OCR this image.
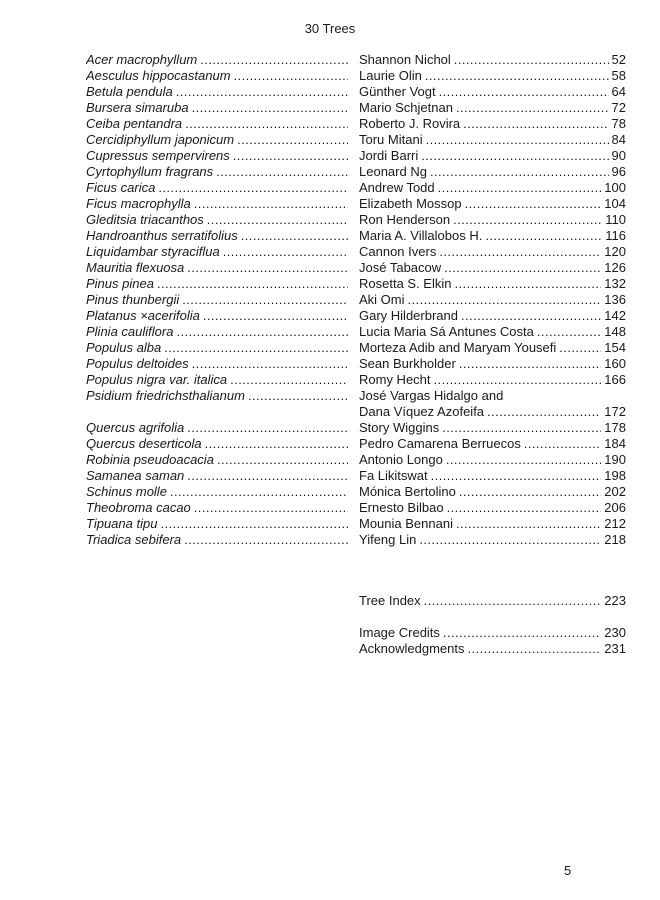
30 Trees
Acer macrophyllum . . .	Shannon Nichol . . .	52
Aesculus hippocastanum . . .	Laurie Olin . . .	58
Betula pendula . . .	Günther Vogt . . .	64
Bursera simaruba . . .	Mario Schjetnan . . .	72
Ceiba pentandra . . .	Roberto J. Rovira . . .	78
Cercidiphyllum japonicum . . .	Toru Mitani . . .	84
Cupressus sempervirens . . .	Jordi Barri . . .	90
Cyrtophyllum fragrans . . .	Leonard Ng . . .	96
Ficus carica . . .	Andrew Todd . . .	100
Ficus macrophylla . . .	Elizabeth Mossop . . .	104
Gleditsia triacanthos . . .	Ron Henderson . . .	110
Handroanthus serratifolius . . .	Maria A. Villalobos H. . . .	116
Liquidambar styraciflua . . .	Cannon Ivers . . .	120
Mauritia flexuosa . . .	José Tabacow . . .	126
Pinus pinea . . .	Rosetta S. Elkin . . .	132
Pinus thunbergii . . .	Aki Omi . . .	136
Platanus ×acerifolia . . .	Gary Hilderbrand . . .	142
Plinia cauliflora . . .	Lucia Maria Sá Antunes Costa . . .	148
Populus alba . . .	Morteza Adib and Maryam Yousefi . . .	154
Populus deltoides . . .	Sean Burkholder . . .	160
Populus nigra var. italica . . .	Romy Hecht . . .	166
Psidium friedrichsthalianum . . .	José Vargas Hidalgo and
Dana Víquez Azofeifa . . .	172
Quercus agrifolia . . .	Story Wiggins . . .	178
Quercus deserticola . . .	Pedro Camarena Berruecos . . .	184
Robinia pseudoacacia . . .	Antonio Longo . . .	190
Samanea saman . . .	Fa Likitswat . . .	198
Schinus molle . . .	Mónica Bertolino . . .	202
Theobroma cacao . . .	Ernesto Bilbao . . .	206
Tipuana tipu . . .	Mounia Bennani . . .	212
Triadica sebifera . . .	Yifeng Lin . . .	218
Tree Index . . .	223
Image Credits . . .	230
Acknowledgments . . .	231
5
